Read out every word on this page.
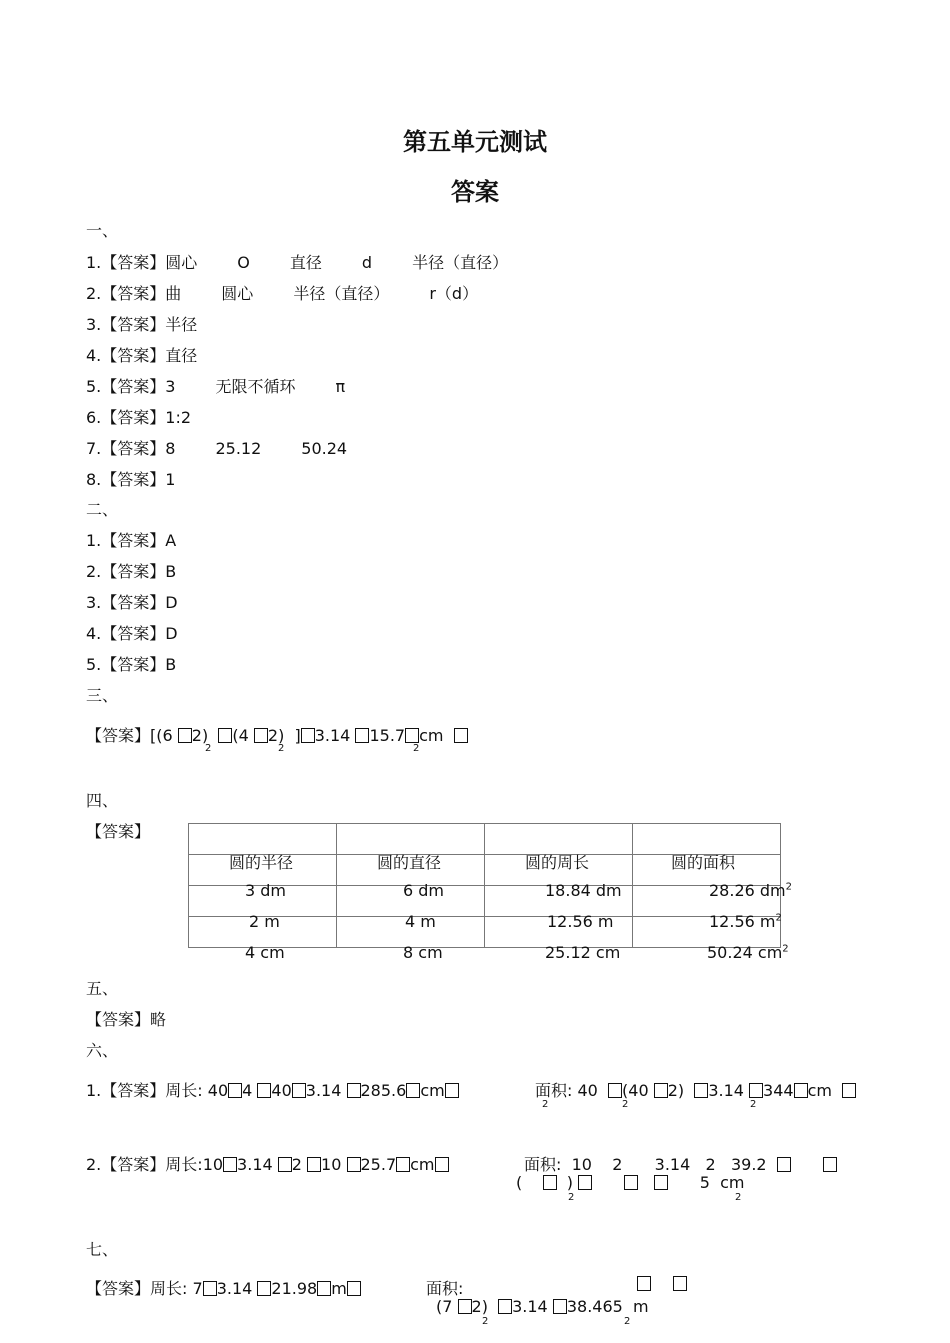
第五单元测试
答案
一、
1.【答案】圆心	O	直径	d	半径（直径）
2.【答案】曲	圆心	半径（直径）	r（d）
3.【答案】半径
4.【答案】直径
5.【答案】3	无限不循环	π
6.【答案】1:2
7.【答案】8	25.12	50.24
8.【答案】1
二、
1.【答案】A
2.【答案】B
3.【答案】D
4.【答案】D
5.【答案】B
三、
【答案】[(6 2) (4 2) ] 3.14 15.7 cm
2	2	2
四、
【答案】
圆的半径	圆的直径	圆的周长	圆的面积

3 dm	6 dm	18.84 dm	28.26 $dm^2$

2 m	4 m	12.56 m	12.56 $m^2$

4 cm	8 cm	25.12 cm	50.24 $cm^2$
五、
【答案】略
六、
1.【答案】周长: 40 4 40 3.14 285.6 cm	面积: 40 (40 2) 3.14 344 cm
2	2	2
2.【答案】周长:10 3.14 2 10 25.7 cm	面积: 10 2 3.14 2 39.2
(	)	5 cm
2	2
七、
【答案】周长: 7 3.14 21.98 m	面积:
(7 2) 3.14 38.465 m
2	2
